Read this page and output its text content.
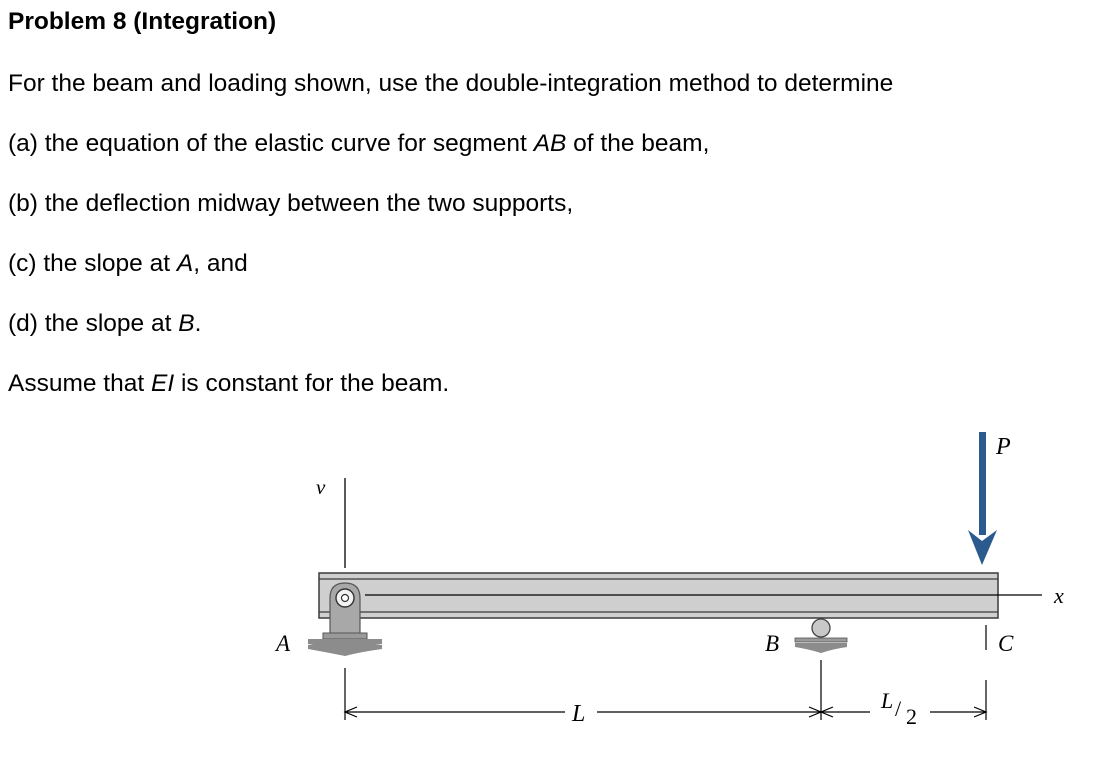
Problem 8 (Integration)

For the beam and loading shown, use the double-integration method to determine

(a) the equation of the elastic curve for segment AB of the beam,

(b) the deflection midway between the two supports,

(c) the slope at A, and

(d) the slope at B.

Assume that EI is constant for the beam.

v
x
A	B	C
P
L
L / 2
